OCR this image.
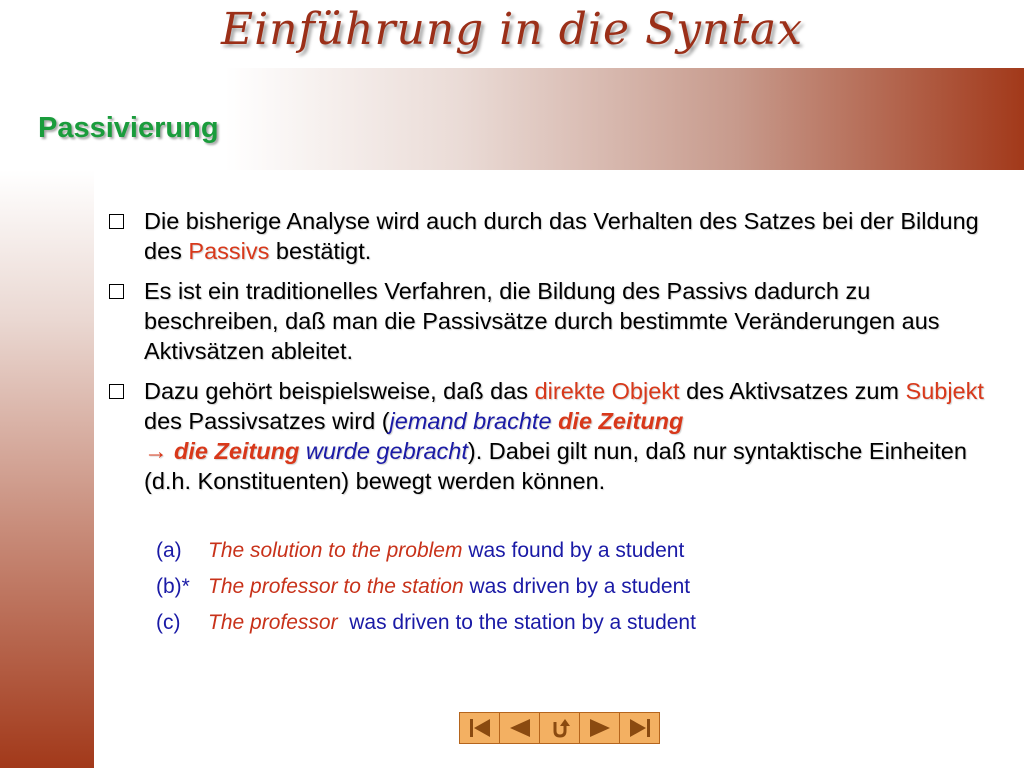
Einführung in die Syntax
Passivierung
Die bisherige Analyse wird auch durch das Verhalten des Satzes bei der Bildung des Passivs bestätigt.
Es ist ein traditionelles Verfahren, die Bildung des Passivs dadurch zu beschreiben, daß man die Passivsätze durch bestimmte Veränderungen aus Aktivsätzen ableitet.
Dazu gehört beispielsweise, daß das direkte Objekt des Aktivsatzes zum Subjekt des Passivsatzes wird (jemand brachte die Zeitung
→ die Zeitung wurde gebracht). Dabei gilt nun, daß nur syntaktische Einheiten (d.h. Konstituenten) bewegt werden können.
(a) The solution to the problem was found by a student
(b)* The professor to the station was driven by a student
(c) The professor  was driven to the station by a student
